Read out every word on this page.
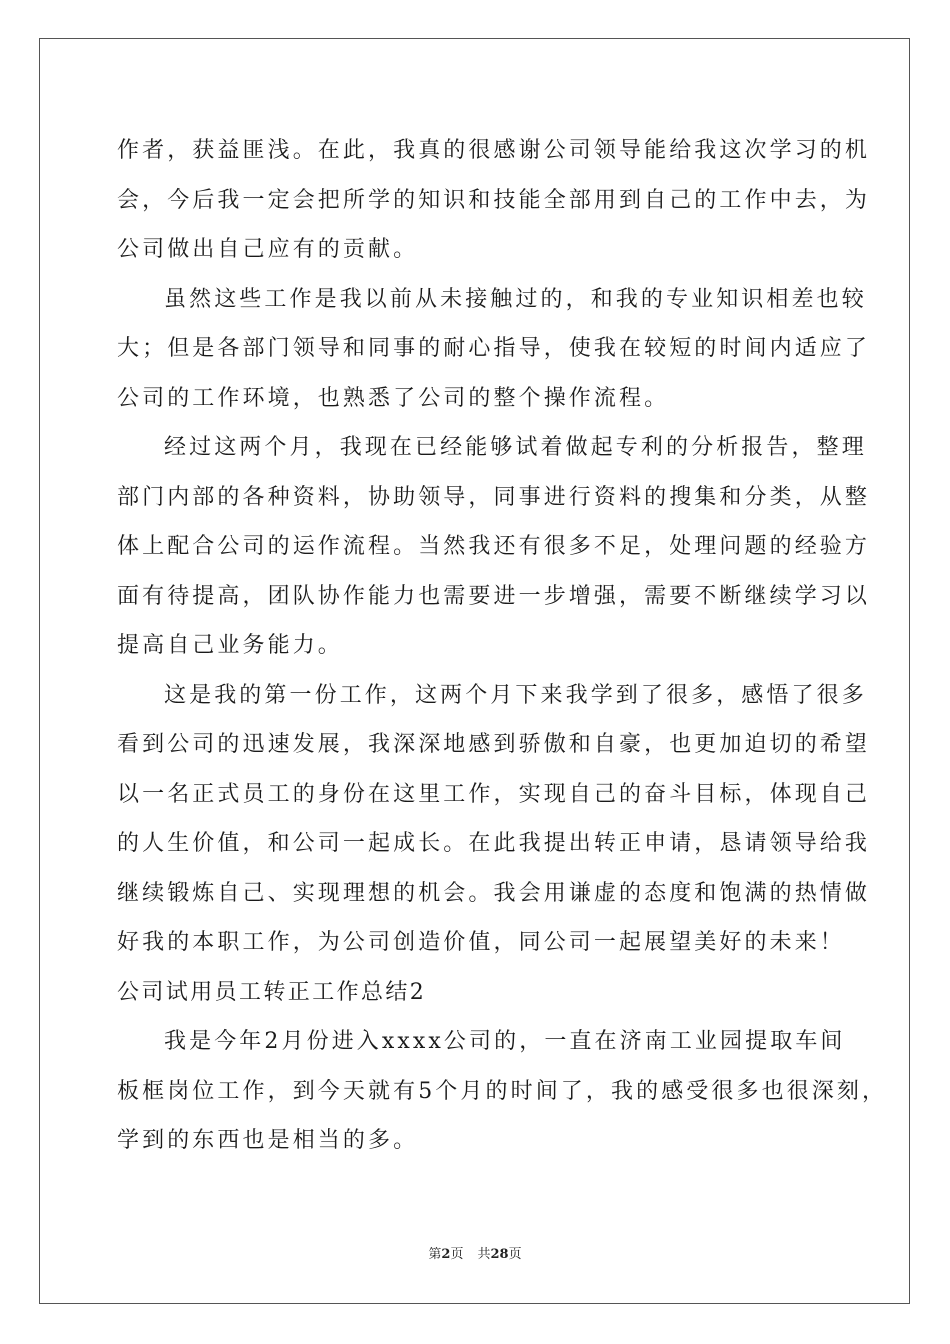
作者，获益匪浅。在此，我真的很感谢公司领导能给我这次学习的机
会，今后我一定会把所学的知识和技能全部用到自己的工作中去，为
公司做出自己应有的贡献。
虽然这些工作是我以前从未接触过的，和我的专业知识相差也较
大；但是各部门领导和同事的耐心指导，使我在较短的时间内适应了
公司的工作环境，也熟悉了公司的整个操作流程。
经过这两个月，我现在已经能够试着做起专利的分析报告，整理
部门内部的各种资料，协助领导，同事进行资料的搜集和分类，从整
体上配合公司的运作流程。当然我还有很多不足，处理问题的经验方
面有待提高，团队协作能力也需要进一步增强，需要不断继续学习以
提高自己业务能力。
这是我的第一份工作，这两个月下来我学到了很多，感悟了很多
看到公司的迅速发展，我深深地感到骄傲和自豪，也更加迫切的希望
以一名正式员工的身份在这里工作，实现自己的奋斗目标，体现自己
的人生价值，和公司一起成长。在此我提出转正申请，恳请领导给我
继续锻炼自己、实现理想的机会。我会用谦虚的态度和饱满的热情做
好我的本职工作，为公司创造价值，同公司一起展望美好的未来！
公司试用员工转正工作总结2
我是今年2月份进入xxxx公司的，一直在济南工业园提取车间
板框岗位工作，到今天就有5个月的时间了，我的感受很多也很深刻，
学到的东西也是相当的多。
第2页 共28页
